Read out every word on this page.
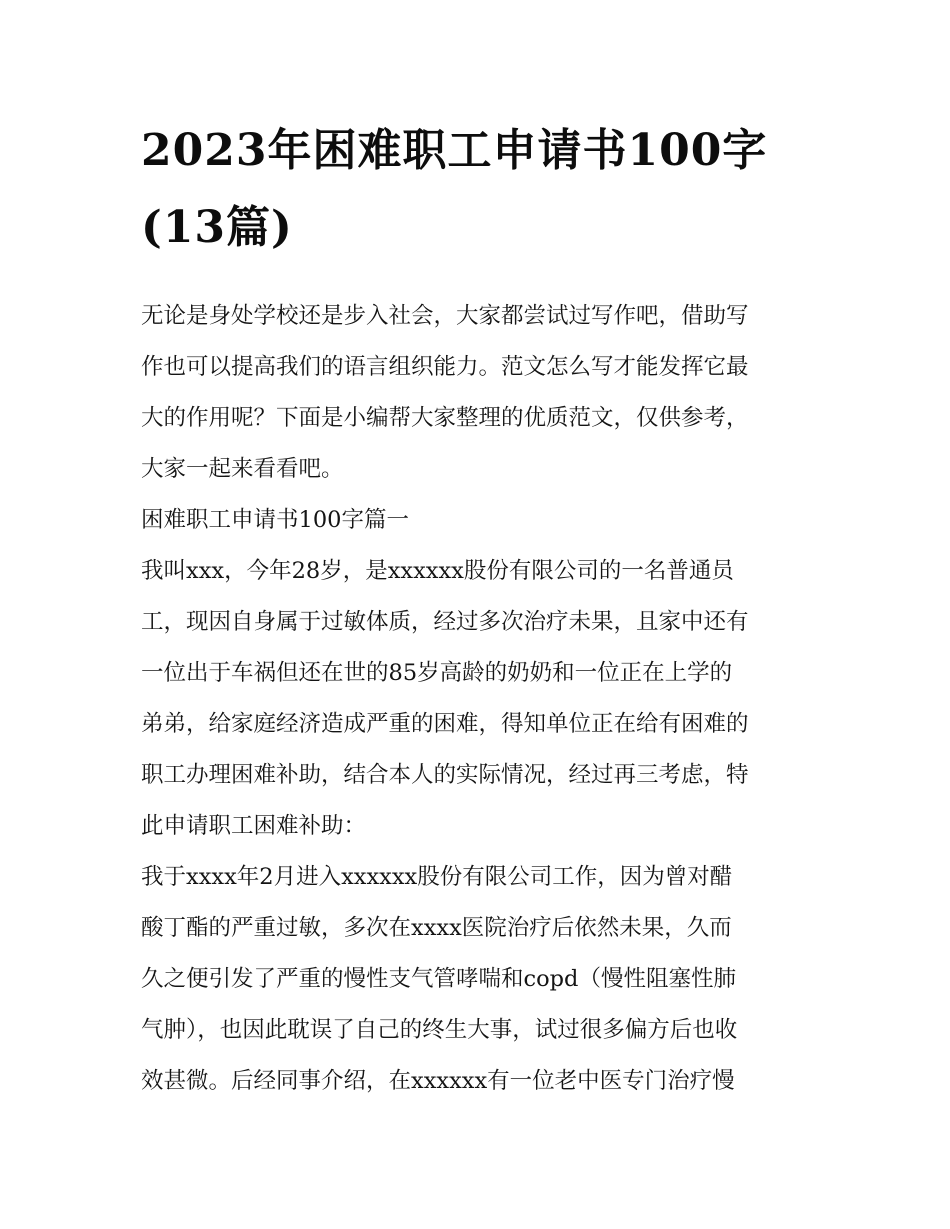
2023年困难职工申请书100字
(13篇)

无论是身处学校还是步入社会，大家都尝试过写作吧，借助写
作也可以提高我们的语言组织能力。范文怎么写才能发挥它最
大的作用呢？下面是小编帮大家整理的优质范文，仅供参考，
大家一起来看看吧。

困难职工申请书100字篇一

我叫xxx，今年28岁，是xxxxxx股份有限公司的一名普通员
工，现因自身属于过敏体质，经过多次治疗未果，且家中还有
一位出于车祸但还在世的85岁高龄的奶奶和一位正在上学的
弟弟，给家庭经济造成严重的困难，得知单位正在给有困难的
职工办理困难补助，结合本人的实际情况，经过再三考虑，特
此申请职工困难补助：

我于xxxx年2月进入xxxxxx股份有限公司工作，因为曾对醋
酸丁酯的严重过敏，多次在xxxx医院治疗后依然未果，久而
久之便引发了严重的慢性支气管哮喘和copd（慢性阻塞性肺
气肿），也因此耽误了自己的终生大事，试过很多偏方后也收
效甚微。后经同事介绍，在xxxxxx有一位老中医专门治疗慢
